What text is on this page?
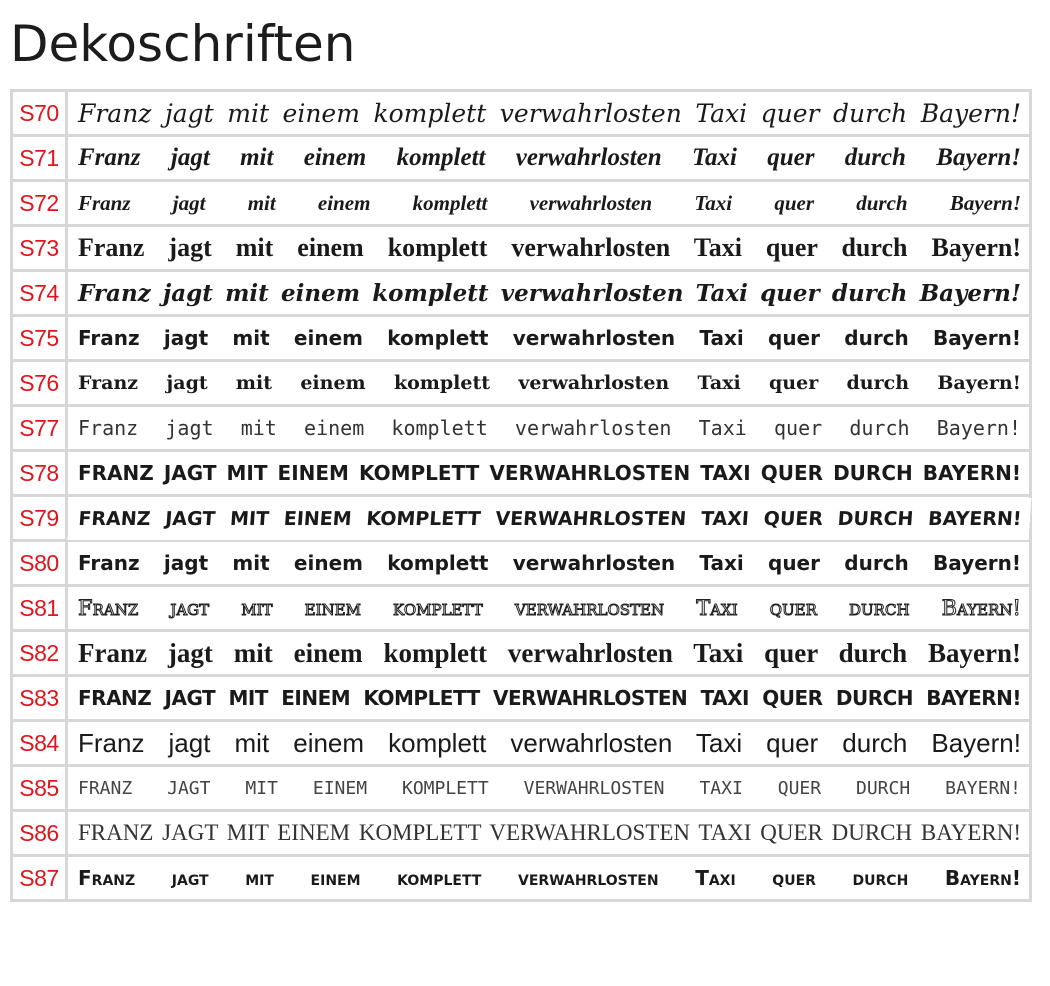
Dekoschriften
S70	Franz jagt mit einem komplett verwahrlosten Taxi quer durch Bayern!
S71	Franz jagt mit einem komplett verwahrlosten Taxi quer durch Bayern!
S72	Franz jagt mit einem komplett verwahrlosten Taxi quer durch Bayern!
S73	Franz jagt mit einem komplett verwahrlosten Taxi quer durch Bayern!
S74	Franz jagt mit einem komplett verwahrlosten Taxi quer durch Bayern!
S75	Franz jagt mit einem komplett verwahrlosten Taxi quer durch Bayern!
S76	Franz jagt mit einem komplett verwahrlosten Taxi quer durch Bayern!
S77	Franz jagt mit einem komplett verwahrlosten Taxi quer durch Bayern!
S78	FRANZ JAGT MIT EINEM KOMPLETT VERWAHRLOSTEN TAXI QUER DURCH BAYERN!
S79	FRANZ JAGT MIT EINEM KOMPLETT VERWAHRLOSTEN TAXI QUER DURCH BAYERN!
S80	Franz jagt mit einem komplett verwahrlosten Taxi quer durch Bayern!
S81	Franz jagt mit einem komplett verwahrlosten Taxi quer durch Bayern!
S82	Franz jagt mit einem komplett verwahrlosten Taxi quer durch Bayern!
S83	FRANZ JAGT MIT EINEM KOMPLETT VERWAHRLOSTEN TAXI QUER DURCH BAYERN!
S84	Franz jagt mit einem komplett verwahrlosten Taxi quer durch Bayern!
S85	FRANZ JAGT MIT EINEM KOMPLETT VERWAHRLOSTEN TAXI QUER DURCH BAYERN!
S86	FRANZ JAGT MIT EINEM KOMPLETT VERWAHRLOSTEN TAXI QUER DURCH BAYERN!
S87	Franz jagt mit einem komplett verwahrlosten Taxi quer durch Bayern!
